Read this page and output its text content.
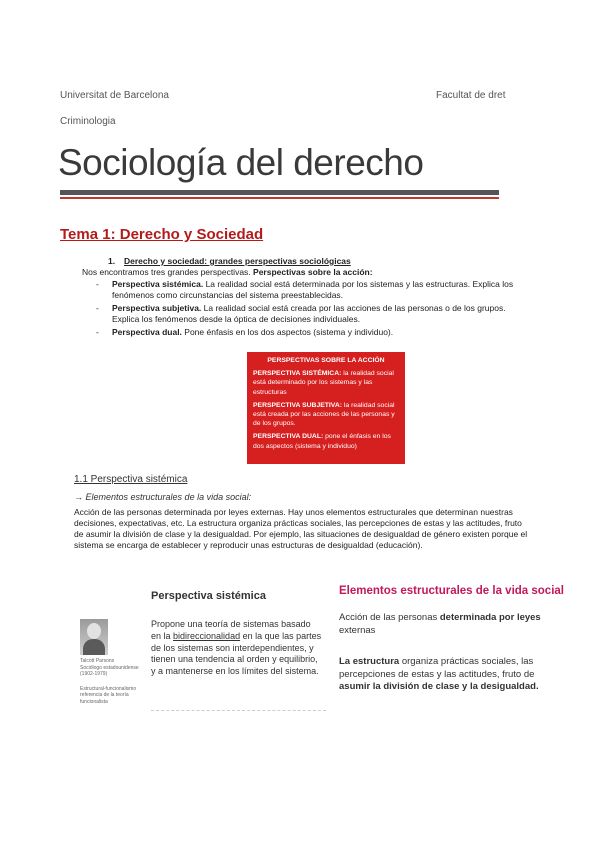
Universitat de Barcelona	Facultat de dret
Criminologia
Sociología del derecho
Tema 1: Derecho y Sociedad
1. Derecho y sociedad: grandes perspectivas sociológicas
Nos encontramos tres grandes perspectivas. Perspectivas sobre la acción:
-	Perspectiva sistémica. La realidad social está determinada por los sistemas y las estructuras. Explica los fenómenos como circunstancias del sistema preestablecidas.
-	Perspectiva subjetiva. La realidad social está creada por las acciones de las personas o de los grupos. Explica los fenómenos desde la óptica de decisiones individuales.
-	Perspectiva dual. Pone énfasis en los dos aspectos (sistema y individuo).
PERSPECTIVAS SOBRE LA ACCIÓN

PERSPECTIVA SISTÉMICA: la realidad social está determinado por los sistemas y las estructuras

PERSPECTIVA SUBJETIVA: la realidad social está creada por las acciones de las personas y de los grupos.

PERSPECTIVA DUAL: pone el énfasis en los dos aspectos (sistema y individuo)

1.1 Perspectiva sistémica
→ Elementos estructurales de la vida social:
Acción de las personas determinada por leyes externas. Hay unos elementos estructurales que determinan nuestras decisiones, expectativas, etc. La estructura organiza prácticas sociales, las percepciones de estas y las actitudes, fruto de asumir la división de clase y la desigualdad. Por ejemplo, las situaciones de desigualdad de género existen porque el sistema se encarga de establecer y reproducir unas estructuras de desigualdad (educación).
Perspectiva sistémica
Talcott Parsons
Sociólogo estadounidense
(1902-1979)
Estructural-funcionalismo
referencia de la teoría
funcionalista
Propone una teoría de sistemas basado en la bidireccionalidad en la que las partes de los sistemas son interdependientes, y tienen una tendencia al orden y equilibrio, y a mantenerse en los límites del sistema.
Elementos estructurales de la vida social
Acción de las personas determinada por leyes externas
La estructura organiza prácticas sociales, las percepciones de estas y las actitudes, fruto de asumir la división de clase y la desigualdad.
